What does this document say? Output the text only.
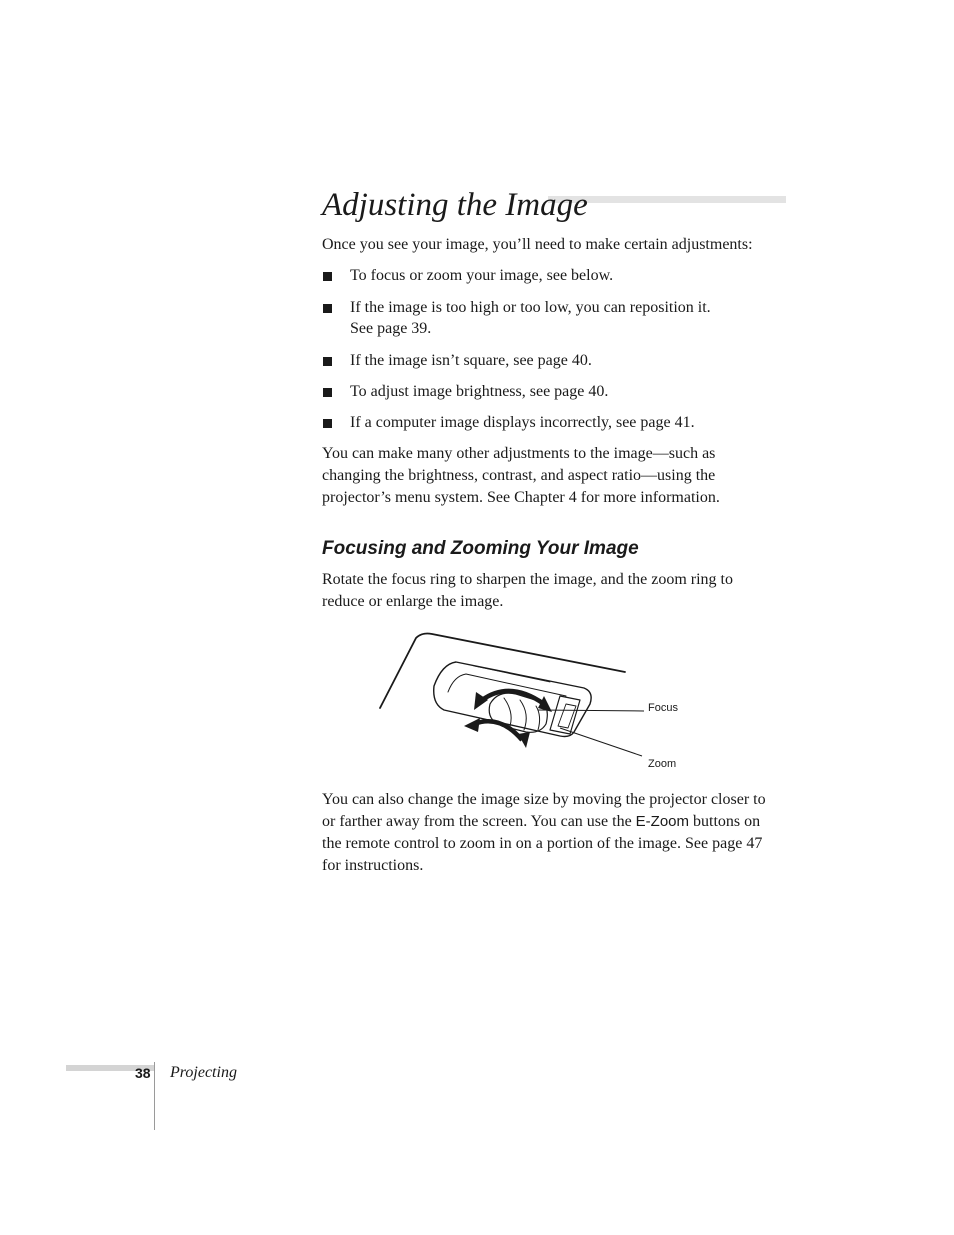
Adjusting the Image

Once you see your image, you’ll need to make certain adjustments:

To focus or zoom your image, see below.
If the image is too high or too low, you can reposition it.
See page 39.
If the image isn’t square, see page 40.
To adjust image brightness, see page 40.
If a computer image displays incorrectly, see page 41.

You can make many other adjustments to the image—such as
changing the brightness, contrast, and aspect ratio—using the
projector’s menu system. See Chapter 4 for more information.

Focusing and Zooming Your Image

Rotate the focus ring to sharpen the image, and the zoom ring to
reduce or enlarge the image.

Focus
Zoom

You can also change the image size by moving the projector closer to
or farther away from the screen. You can use the E-Zoom buttons on
the remote control to zoom in on a portion of the image. See page 47
for instructions.

38 Projecting
